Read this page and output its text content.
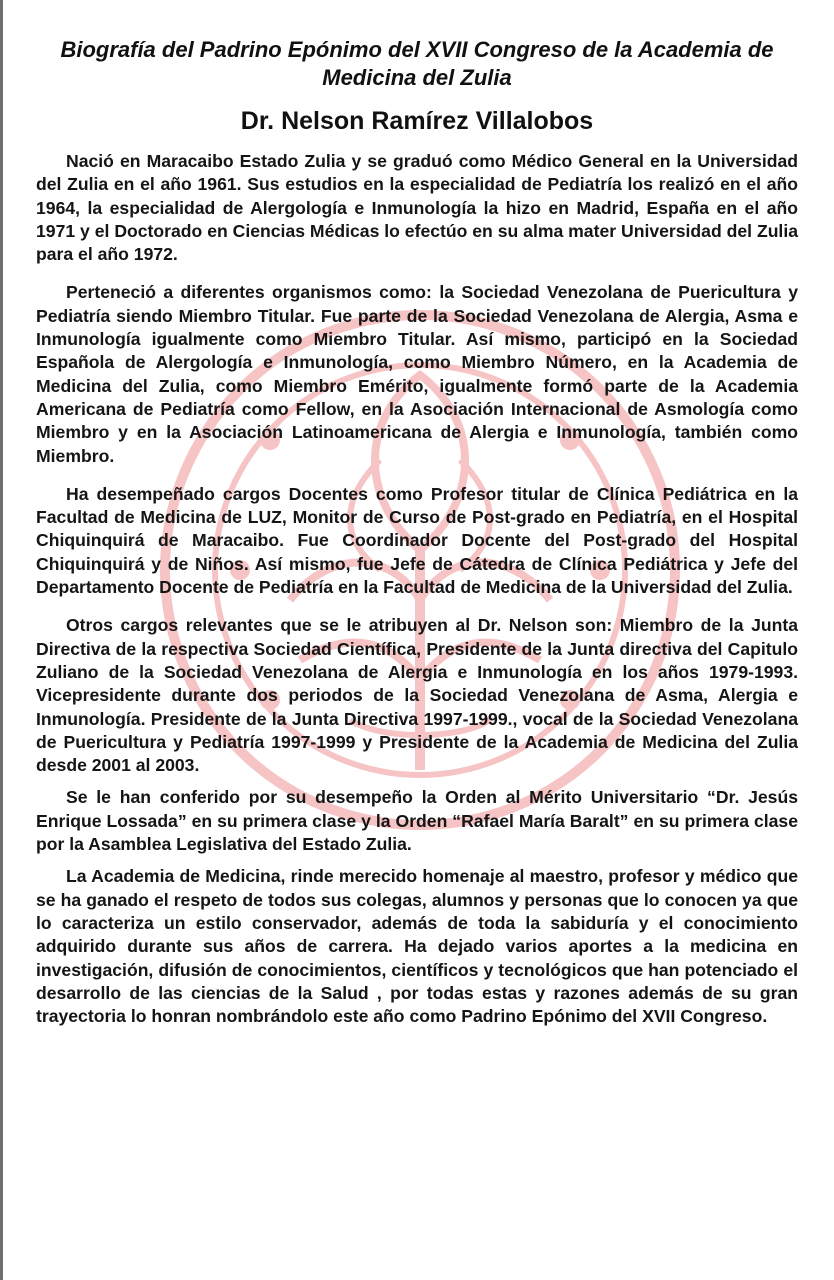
Biografía del Padrino Epónimo del XVII Congreso de la Academia de Medicina del Zulia
Dr. Nelson Ramírez Villalobos

Nació en Maracaibo Estado Zulia y se graduó como Médico General en la Universidad del Zulia en el año 1961. Sus estudios en la especialidad de Pediatría los realizó en el año 1964, la especialidad de Alergología e Inmunología la hizo en Madrid, España en el año 1971 y el Doctorado en Ciencias Médicas lo efectúo en su alma mater Universidad del Zulia para el año 1972.

Perteneció a diferentes organismos como: la Sociedad Venezolana de Puericultura y Pediatría siendo Miembro Titular. Fue parte de la Sociedad Venezolana de Alergia, Asma e Inmunología igualmente como Miembro Titular. Así mismo, participó en la Sociedad Española de Alergología e Inmunología, como Miembro Número, en la Academia de Medicina del Zulia, como Miembro Emérito, igualmente formó parte de la Academia Americana de Pediatría como Fellow, en la Asociación Internacional de Asmología como Miembro y en la Asociación Latinoamericana de Alergia e Inmunología, también como Miembro.

Ha desempeñado cargos Docentes como Profesor titular de Clínica Pediátrica en la Facultad de Medicina de LUZ, Monitor de Curso de Post-grado en Pediatría, en el Hospital Chiquinquirá de Maracaibo. Fue Coordinador Docente del Post-grado del Hospital Chiquinquirá y de Niños. Así mismo, fue Jefe de Cátedra de Clínica Pediátrica y Jefe del Departamento Docente de Pediatría en la Facultad de Medicina de la Universidad del Zulia.

Otros cargos relevantes que se le atribuyen al Dr. Nelson son: Miembro de la Junta Directiva de la respectiva Sociedad Científica, Presidente de la Junta directiva del Capitulo Zuliano de la Sociedad Venezolana de Alergia e Inmunología en los años 1979-1993. Vicepresidente durante dos periodos de la Sociedad Venezolana de Asma, Alergia e Inmunología. Presidente de la Junta Directiva 1997-1999., vocal de la Sociedad Venezolana de Puericultura y Pediatría 1997-1999 y Presidente de la Academia de Medicina del Zulia desde 2001 al 2003.

Se le han conferido por su desempeño la Orden al Mérito Universitario “Dr. Jesús Enrique Lossada” en su primera clase y la Orden “Rafael María Baralt” en su primera clase por la Asamblea Legislativa del Estado Zulia.

La Academia de Medicina, rinde merecido homenaje al maestro, profesor y médico que se ha ganado el respeto de todos sus colegas, alumnos y personas que lo conocen ya que lo caracteriza un estilo conservador, además de toda la sabiduría y el conocimiento adquirido durante sus años de carrera. Ha dejado varios aportes a la medicina en investigación, difusión de conocimientos, científicos y tecnológicos que han potenciado el desarrollo de las ciencias de la Salud , por todas estas y razones además de su gran trayectoria lo honran nombrándolo este año como Padrino Epónimo del XVII Congreso.
